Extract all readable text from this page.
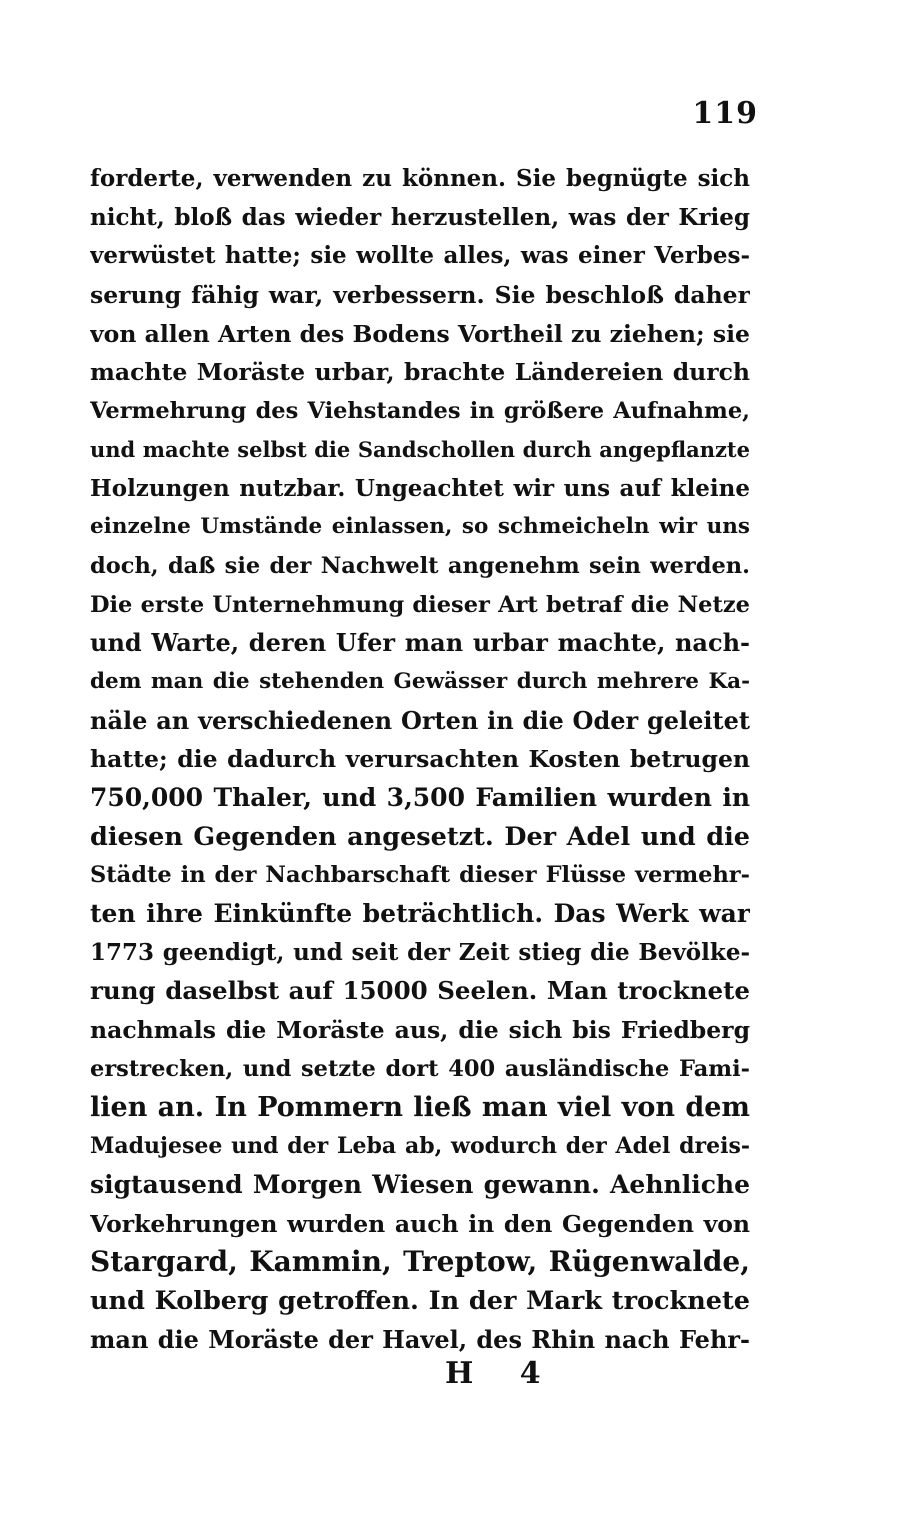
119
forderte, verwenden zu können. Sie begnügte sich
nicht, bloß das wieder herzustellen, was der Krieg
verwüstet hatte; sie wollte alles, was einer Verbes-
serung fähig war, verbessern. Sie beschloß daher
von allen Arten des Bodens Vortheil zu ziehen; sie
machte Moräste urbar, brachte Ländereien durch
Vermehrung des Viehstandes in größere Aufnahme,
und machte selbst die Sandschollen durch angepflanzte
Holzungen nutzbar. Ungeachtet wir uns auf kleine
einzelne Umstände einlassen, so schmeicheln wir uns
doch, daß sie der Nachwelt angenehm sein werden.
Die erste Unternehmung dieser Art betraf die Netze
und Warte, deren Ufer man urbar machte, nach-
dem man die stehenden Gewässer durch mehrere Ka-
näle an verschiedenen Orten in die Oder geleitet
hatte; die dadurch verursachten Kosten betrugen
750,000 Thaler, und 3,500 Familien wurden in
diesen Gegenden angesetzt. Der Adel und die
Städte in der Nachbarschaft dieser Flüsse vermehr-
ten ihre Einkünfte beträchtlich. Das Werk war
1773 geendigt, und seit der Zeit stieg die Bevölke-
rung daselbst auf 15000 Seelen. Man trocknete
nachmals die Moräste aus, die sich bis Friedberg
erstrecken, und setzte dort 400 ausländische Fami-
lien an. In Pommern ließ man viel von dem
Madujesee und der Leba ab, wodurch der Adel dreis-
sigtausend Morgen Wiesen gewann. Aehnliche
Vorkehrungen wurden auch in den Gegenden von
Stargard, Kammin, Treptow, Rügenwalde,
und Kolberg getroffen. In der Mark trocknete
man die Moräste der Havel, des Rhin nach Fehr-
H 4
